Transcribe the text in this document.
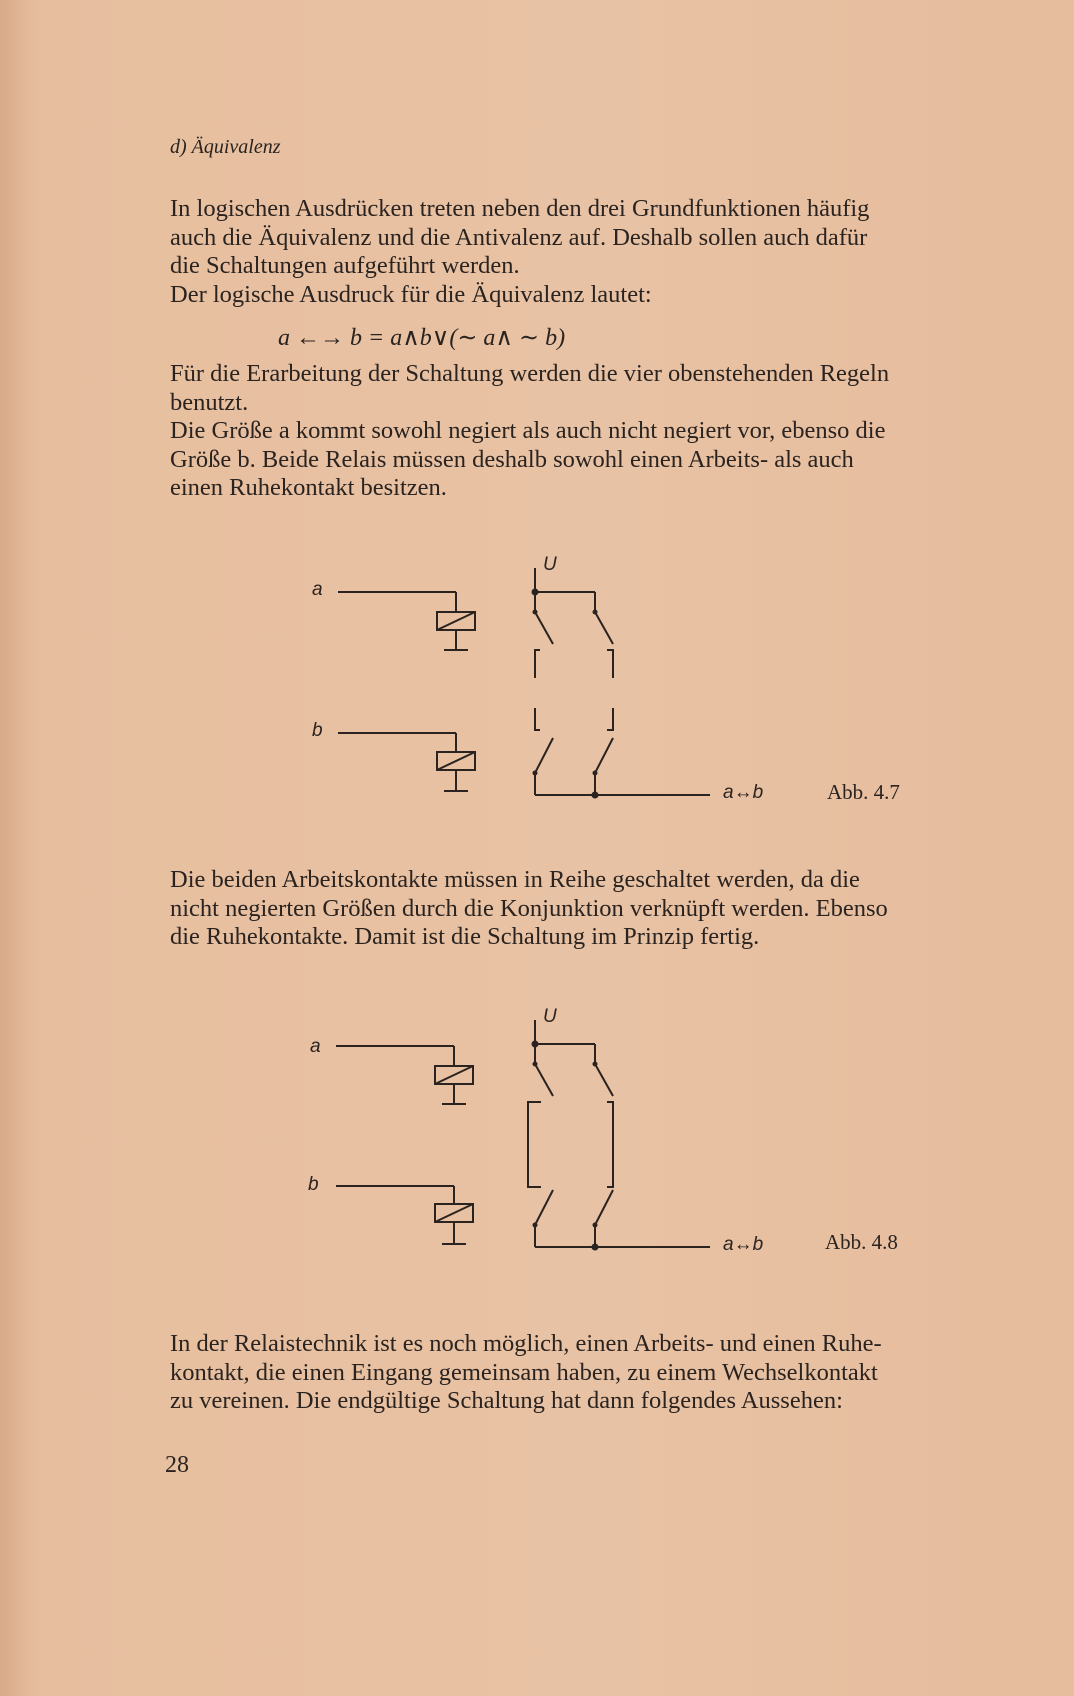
d) Äquivalenz
In logischen Ausdrücken treten neben den drei Grundfunktionen häufig
auch die Äquivalenz und die Antivalenz auf. Deshalb sollen auch dafür
die Schaltungen aufgeführt werden.
Der logische Ausdruck für die Äquivalenz lautet:
a ←→ b = a∧b∨(∼ a∧ ∼ b)
Für die Erarbeitung der Schaltung werden die vier obenstehenden Regeln
benutzt.
Die Größe a kommt sowohl negiert als auch nicht negiert vor, ebenso die
Größe b. Beide Relais müssen deshalb sowohl einen Arbeits- als auch
einen Ruhekontakt besitzen.
a
b
U
a↔b	Abb. 4.7
Die beiden Arbeitskontakte müssen in Reihe geschaltet werden, da die
nicht negierten Größen durch die Konjunktion verknüpft werden. Ebenso
die Ruhekontakte. Damit ist die Schaltung im Prinzip fertig.
a
b
U
a↔b	Abb. 4.8
In der Relaistechnik ist es noch möglich, einen Arbeits- und einen Ruhe-
kontakt, die einen Eingang gemeinsam haben, zu einem Wechselkontakt
zu vereinen. Die endgültige Schaltung hat dann folgendes Aussehen:
28
